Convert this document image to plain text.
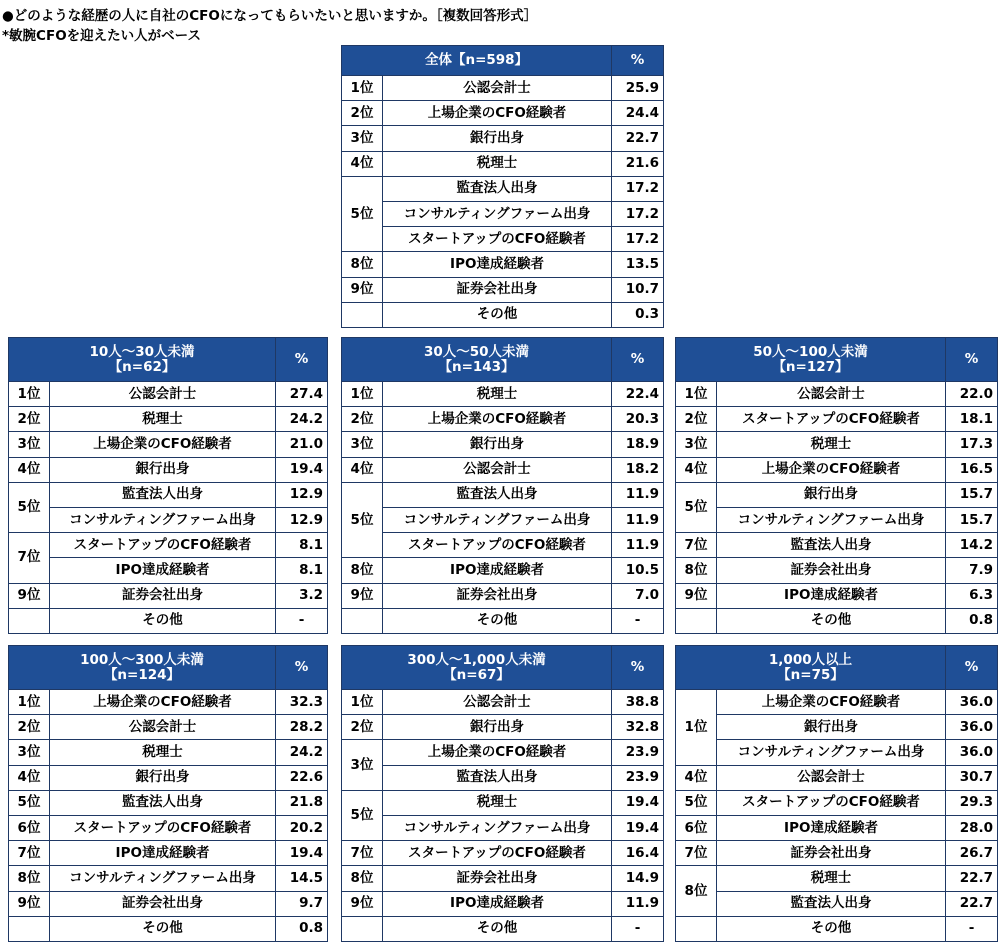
●どのような経歴の人に自社のCFOになってもらいたいと思いますか。［複数回答形式］
*敏腕CFOを迎えたい人がベース
全体【n=598】		%
1位	公認会計士	25.9
2位	上場企業のCFO経験者	24.4
3位	銀行出身	22.7
4位	税理士	21.6
5位	監査法人出身	17.2
	コンサルティングファーム出身	17.2
	スタートアップのCFO経験者	17.2
8位	IPO達成経験者	13.5
9位	証券会社出身	10.7
	その他	0.3
10人～30人未満
【n=62】		%
1位	公認会計士	27.4
2位	税理士	24.2
3位	上場企業のCFO経験者	21.0
4位	銀行出身	19.4
5位	監査法人出身	12.9
	コンサルティングファーム出身	12.9
7位	スタートアップのCFO経験者	8.1
	IPO達成経験者	8.1
9位	証券会社出身	3.2
	その他	-
30人～50人未満
【n=143】		%
1位	税理士	22.4
2位	上場企業のCFO経験者	20.3
3位	銀行出身	18.9
4位	公認会計士	18.2
5位	監査法人出身	11.9
	コンサルティングファーム出身	11.9
	スタートアップのCFO経験者	11.9
8位	IPO達成経験者	10.5
9位	証券会社出身	7.0
	その他	-
50人～100人未満
【n=127】		%
1位	公認会計士	22.0
2位	スタートアップのCFO経験者	18.1
3位	税理士	17.3
4位	上場企業のCFO経験者	16.5
5位	銀行出身	15.7
	コンサルティングファーム出身	15.7
7位	監査法人出身	14.2
8位	証券会社出身	7.9
9位	IPO達成経験者	6.3
	その他	0.8
100人～300人未満
【n=124】		%
1位	上場企業のCFO経験者	32.3
2位	公認会計士	28.2
3位	税理士	24.2
4位	銀行出身	22.6
5位	監査法人出身	21.8
6位	スタートアップのCFO経験者	20.2
7位	IPO達成経験者	19.4
8位	コンサルティングファーム出身	14.5
9位	証券会社出身	9.7
	その他	0.8
300人～1,000人未満
【n=67】		%
1位	公認会計士	38.8
2位	銀行出身	32.8
3位	上場企業のCFO経験者	23.9
	監査法人出身	23.9
5位	税理士	19.4
	コンサルティングファーム出身	19.4
7位	スタートアップのCFO経験者	16.4
8位	証券会社出身	14.9
9位	IPO達成経験者	11.9
	その他	-
1,000人以上
【n=75】		%
1位	上場企業のCFO経験者	36.0
	銀行出身	36.0
	コンサルティングファーム出身	36.0
4位	公認会計士	30.7
5位	スタートアップのCFO経験者	29.3
6位	IPO達成経験者	28.0
7位	証券会社出身	26.7
8位	税理士	22.7
	監査法人出身	22.7
	その他	-
